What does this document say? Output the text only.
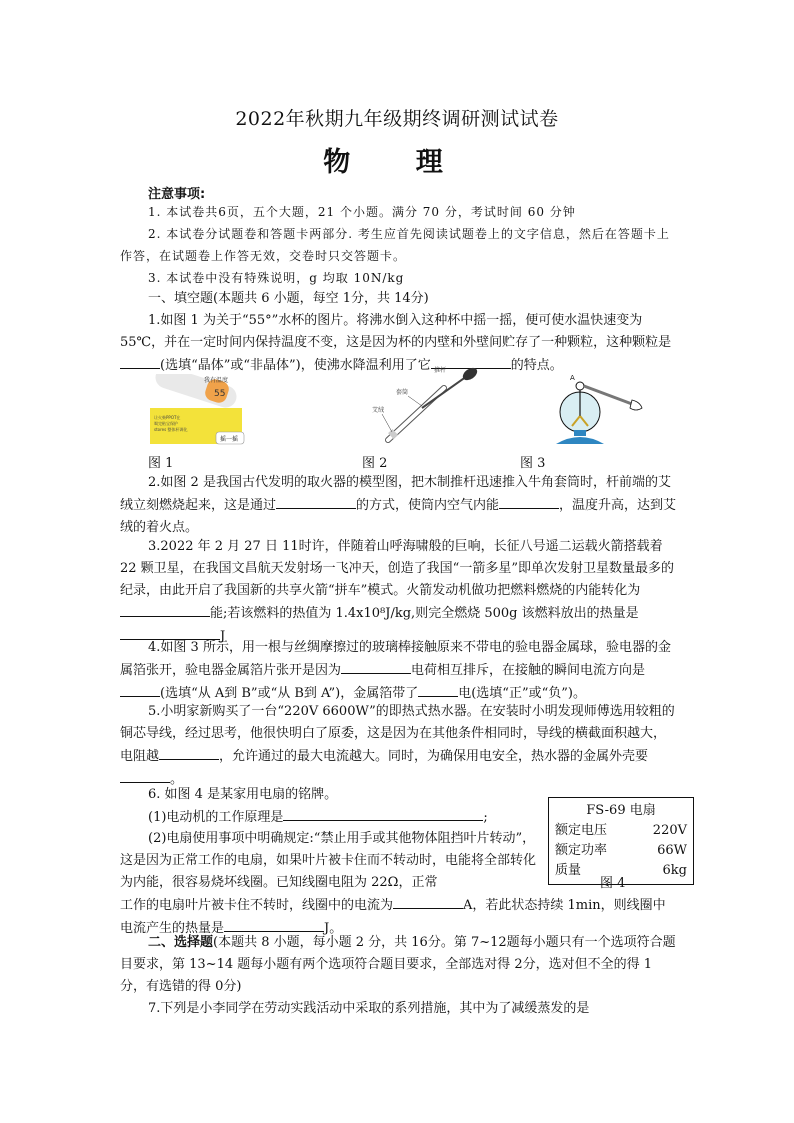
2022年秋期九年级期终调研测试试卷
物 理
注意事项:
1. 本试卷共6页，五个大题，21 个小题。满分 70 分，考试时间 60 分钟
2. 本试卷分试题卷和答题卡两部分. 考生应首先阅读试题卷上的文字信息，然后在答题卡上作答，在试题卷上作答无效，交卷时只交答题卡。
3. 本试卷中没有特殊说明，g 均取 10N/kg
一、填空题(本题共 6 小题，每空 1分，共 14分)
1.如图 1 为关于“55°”水杯的图片。将沸水倒入这种杯中摇一摇，便可使水温快速变为 55℃，并在一定时间内保持温度不变，这是因为杯的内壁和外壁间贮存了一种颗粒，这种颗粒是(选填“晶体”或“非晶体”)，使沸水降温利用了它	的特点。
55
我有温度
让火柴PPOT在
喝完粘宝保护
stores 整体杯调化
摇一摇
推杆
套筒
艾绒
A
图 1	图 2	图 3
2.如图 2 是我国古代发明的取火器的模型图，把木制推杆迅速推入牛角套筒时，杆前端的艾绒立刻燃烧起来，这是通过	的方式，使筒内空气内能	，温度升高，达到艾绒的着火点。
3.2022 年 2 月 27 日 11时许，伴随着山呼海啸般的巨响，长征八号遥二运载火箭搭载着 22 颗卫星，在我国文昌航天发射场一飞冲天，创造了我国“一箭多星”即单次发射卫星数量最多的纪录，由此开启了我国新的共享火箭“拼车”模式。火箭发动机做功把燃料燃烧的内能转化为能;若该燃料的热值为 1.4x10⁸J/kg,则完全燃烧 500g 该燃料放出的热量是J
4.如图 3 所示，用一根与丝绸摩擦过的玻璃棒接触原来不带电的验电器金属球，验电器的金属箔张开，验电器金属箔片张开是因为	电荷相互排斥，在接触的瞬间电流方向是(选填“从 A到 B”或“从 B到 A”)，金属箔带了	电(选填“正”或“负”)。
5.小明家新购买了一台“220V 6600W”的即热式热水器。在安装时小明发现师傅选用较粗的铜芯导线，经过思考，他很快明白了原委，这是因为在其他条件相同时，导线的横截面积越大，电阻越	，允许通过的最大电流越大。同时，为确保用电安全，热水器的金属外壳要。
6. 如图 4 是某家用电扇的铭牌。
(1)电动机的工作原理是	;
(2)电扇使用事项中明确规定:“禁止用手或其他物体阻挡叶片转动”，这是因为正常工作的电扇，如果叶片被卡住而不转动时，电能将全部转化为内能，很容易烧坏线圈。已知线圈电阻为 22Ω，正常	图 4
工作的电扇叶片被卡住不转时，线圈中的电流为	A，若此状态持续 1min，则线圈中电流产生的热量是	J。
FS-69 电扇
额定电压	220V
额定功率	66W
质量	6kg
二、选择题(本题共 8 小题，每小题 2 分，共 16分。第 7~12题每小题只有一个选项符合题目要求，第 13~14 题每小题有两个选项符合题目要求，全部选对得 2分，选对但不全的得 1分，有选错的得 0分)
7.下列是小李同学在劳动实践活动中采取的系列措施，其中为了减缓蒸发的是
